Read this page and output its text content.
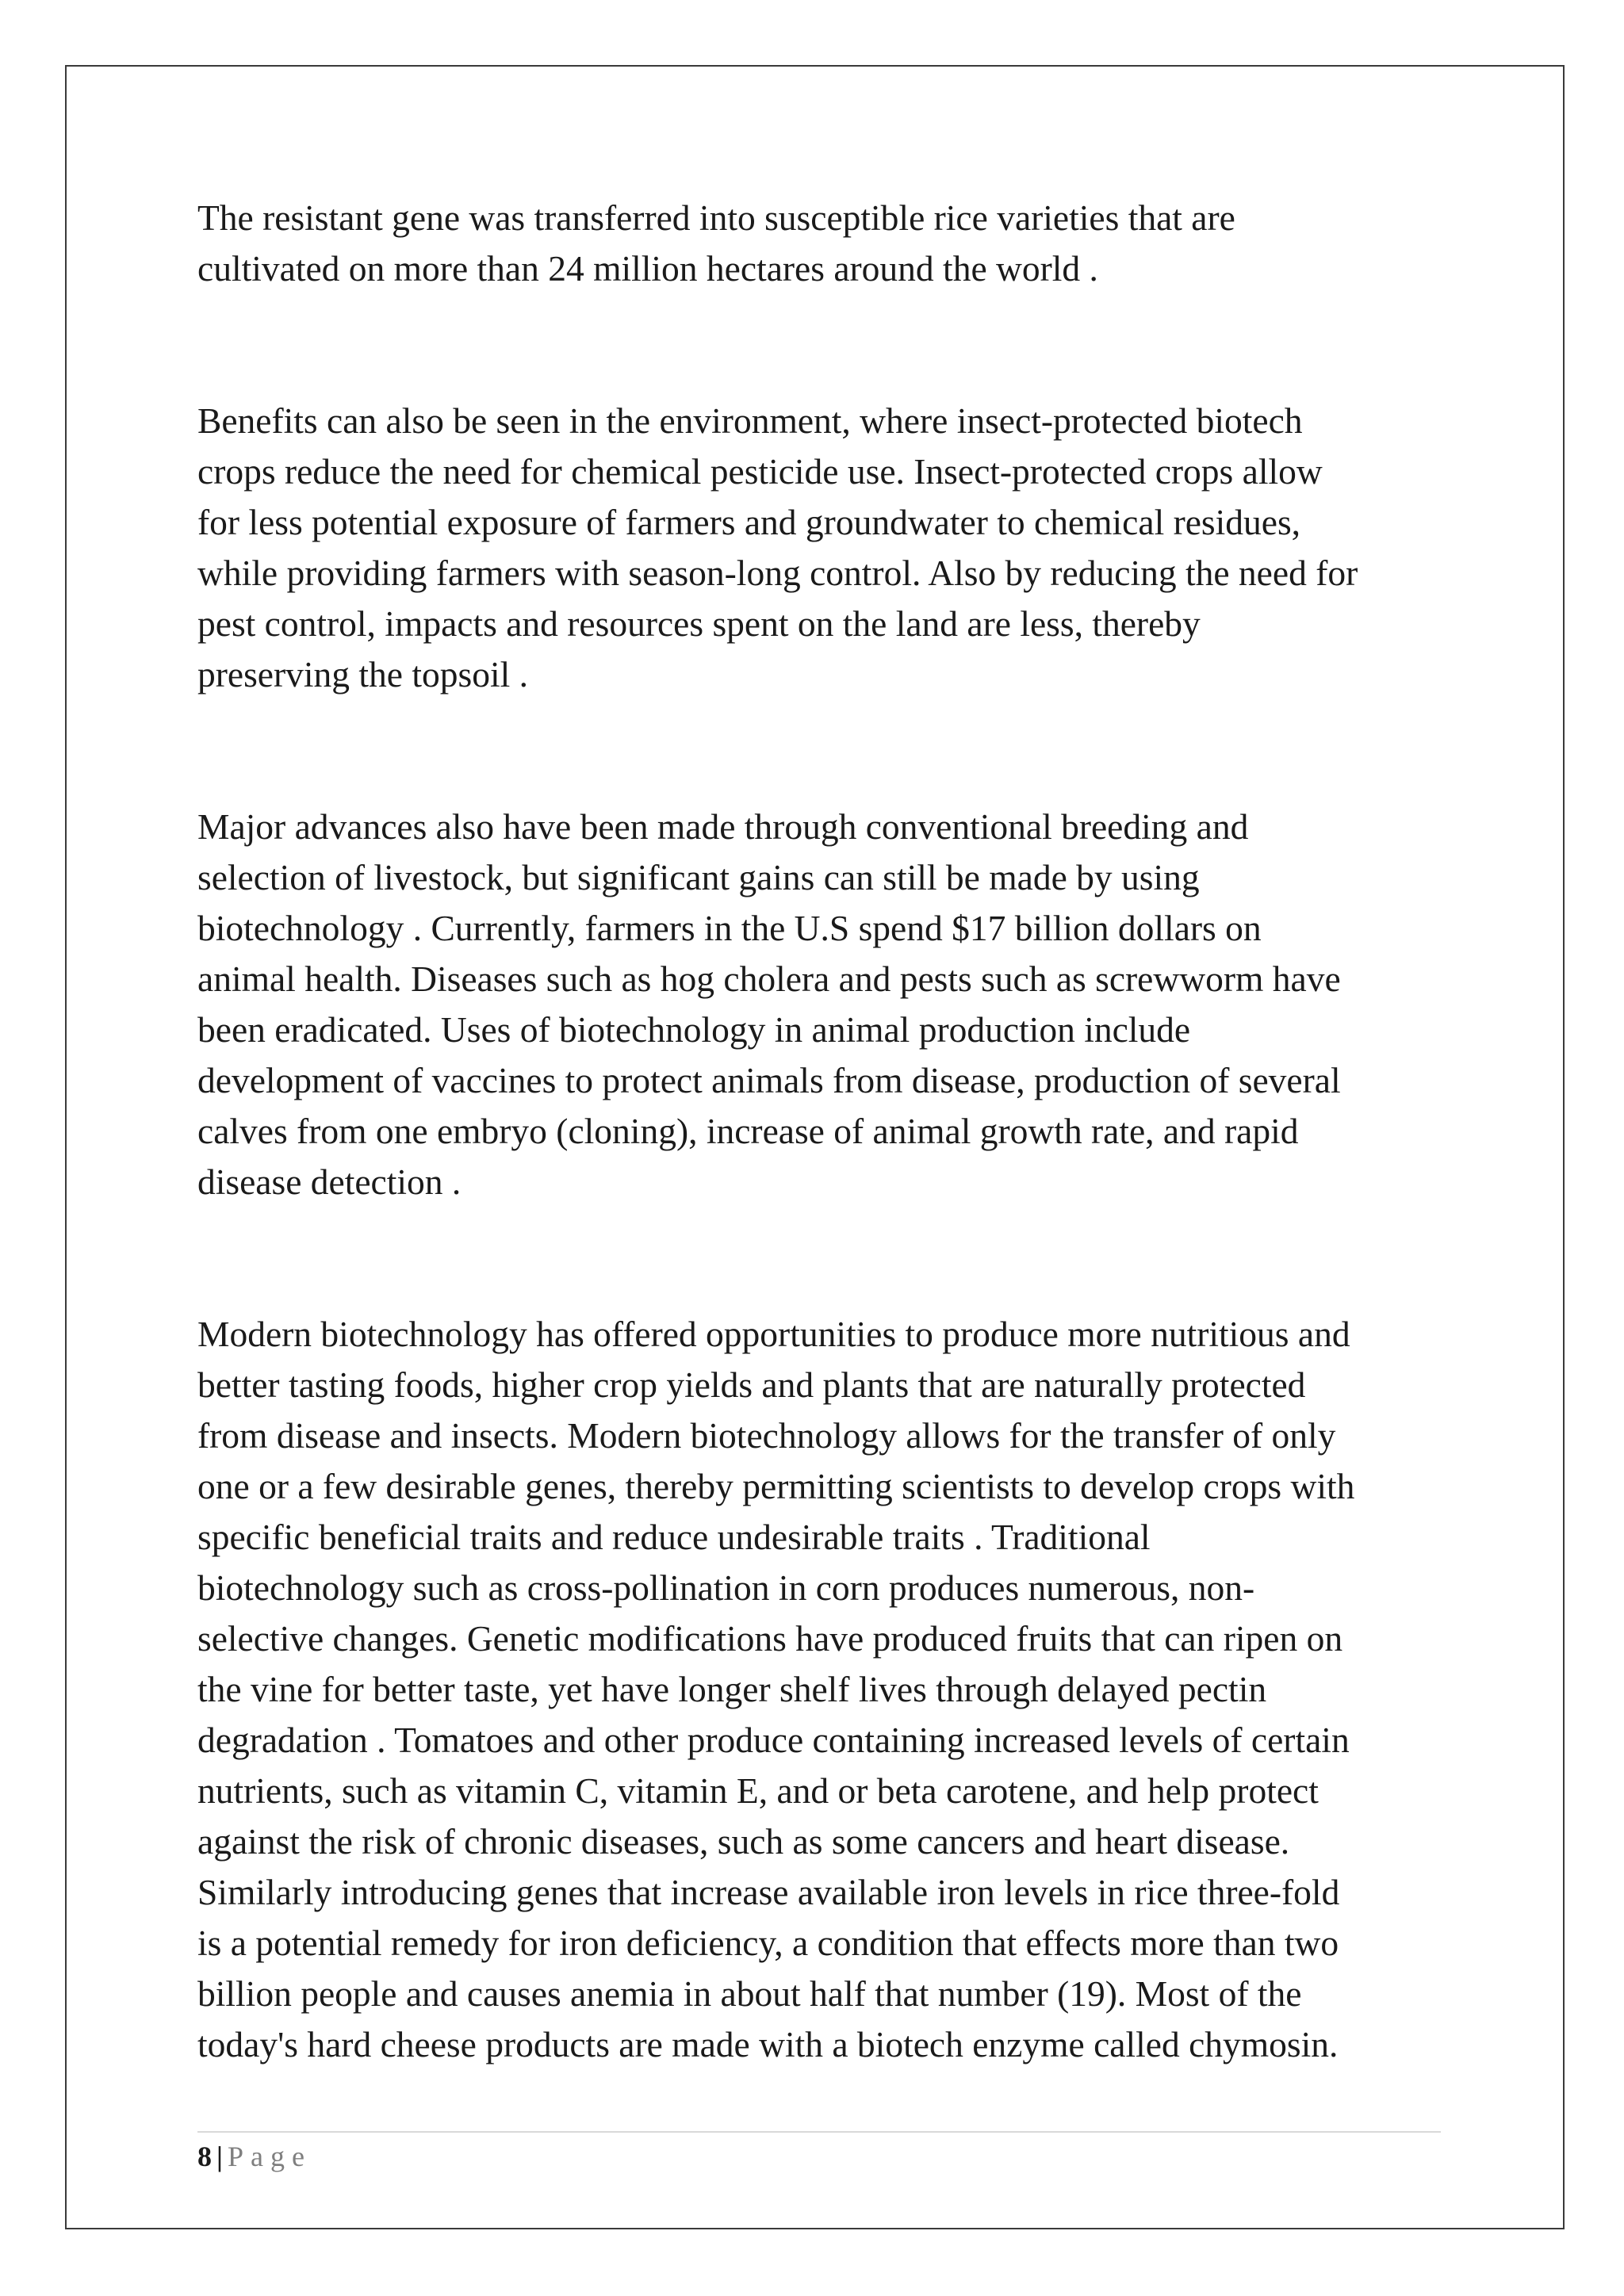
The resistant gene was transferred into susceptible rice varieties that are
cultivated on more than 24 million hectares around the world .

Benefits can also be seen in the environment, where insect-protected biotech
crops reduce the need for chemical pesticide use. Insect-protected crops allow
for less potential exposure of farmers and groundwater to chemical residues,
while providing farmers with season-long control. Also by reducing the need for
pest control, impacts and resources spent on the land are less, thereby
preserving the topsoil .

Major advances also have been made through conventional breeding and
selection of livestock, but significant gains can still be made by using
biotechnology . Currently, farmers in the U.S spend $17 billion dollars on
animal health. Diseases such as hog cholera and pests such as screwworm have
been eradicated. Uses of biotechnology in animal production include
development of vaccines to protect animals from disease, production of several
calves from one embryo (cloning), increase of animal growth rate, and rapid
disease detection .

Modern biotechnology has offered opportunities to produce more nutritious and
better tasting foods, higher crop yields and plants that are naturally protected
from disease and insects. Modern biotechnology allows for the transfer of only
one or a few desirable genes, thereby permitting scientists to develop crops with
specific beneficial traits and reduce undesirable traits . Traditional
biotechnology such as cross-pollination in corn produces numerous, non-
selective changes. Genetic modifications have produced fruits that can ripen on
the vine for better taste, yet have longer shelf lives through delayed pectin
degradation . Tomatoes and other produce containing increased levels of certain
nutrients, such as vitamin C, vitamin E, and or beta carotene, and help protect
against the risk of chronic diseases, such as some cancers and heart disease.
Similarly introducing genes that increase available iron levels in rice three-fold
is a potential remedy for iron deficiency, a condition that effects more than two
billion people and causes anemia in about half that number (19). Most of the
today's hard cheese products are made with a biotech enzyme called chymosin.

8 | Page
